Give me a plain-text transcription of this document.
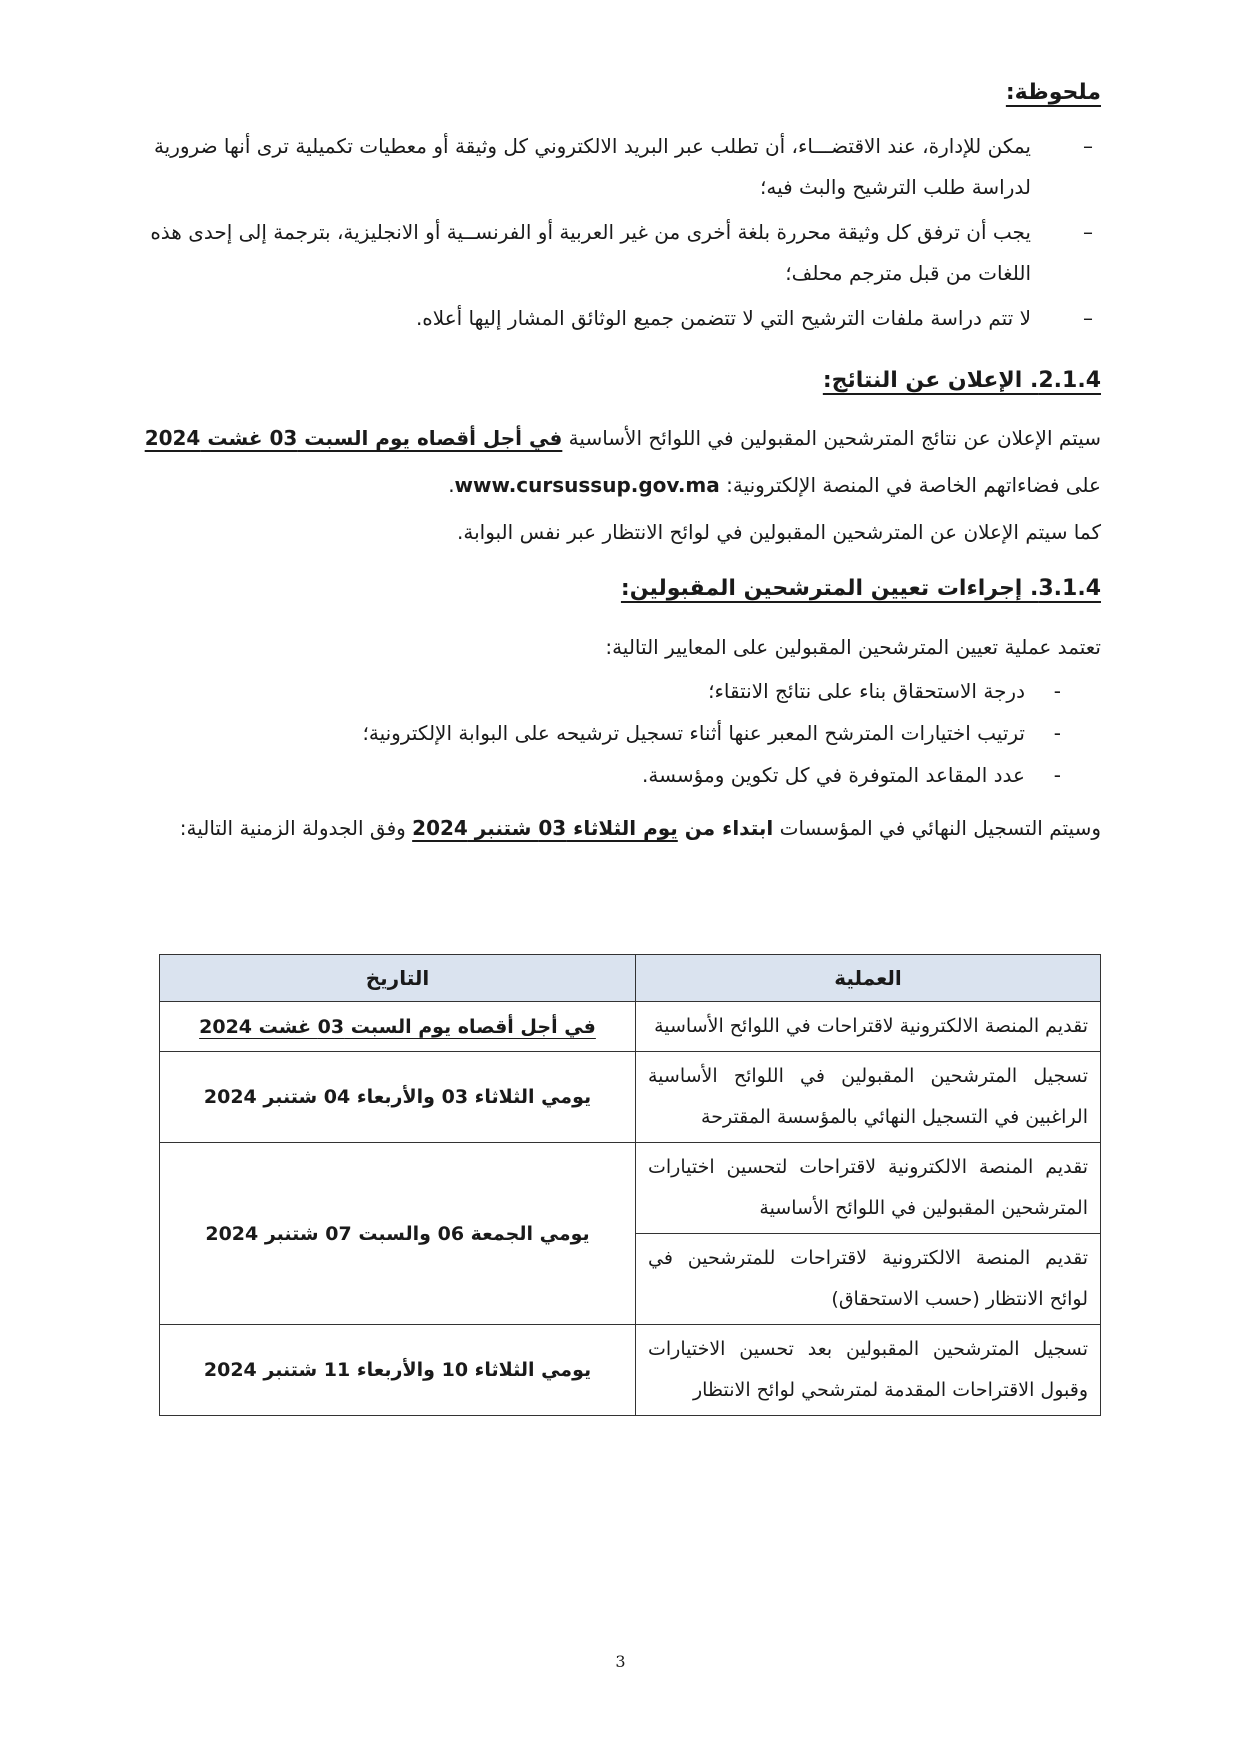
ملحوظة:
–
يمكن للإدارة، عند الاقتضـــاء، أن تطلب عبر البريد الالكتروني كل وثيقة أو معطيات تكميلية ترى أنها ضرورية لدراسة طلب الترشيح والبث فيه؛
–
يجب أن ترفق كل وثيقة محررة بلغة أخرى من غير العربية أو الفرنســية أو الانجليزية، بترجمة إلى إحدى هذه اللغات من قبل مترجم محلف؛
–
لا تتم دراسة ملفات الترشيح التي لا تتضمن جميع الوثائق المشار إليها أعلاه.
2.1.4. الإعلان عن النتائج:
سيتم الإعلان عن نتائج المترشحين المقبولين في اللوائح الأساسية في أجل أقصاه يوم السبت 03 غشت 2024
على فضاءاتهم الخاصة في المنصة الإلكترونية: www.cursussup.gov.ma.
كما سيتم الإعلان عن المترشحين المقبولين في لوائح الانتظار عبر نفس البوابة.
3.1.4. إجراءات تعيين المترشحين المقبولين:
تعتمد عملية تعيين المترشحين المقبولين على المعايير التالية:
-
درجة الاستحقاق بناء على نتائج الانتقاء؛
-
ترتيب اختيارات المترشح المعبر عنها أثناء تسجيل ترشيحه على البوابة الإلكترونية؛
-
عدد المقاعد المتوفرة في كل تكوين ومؤسسة.
وسيتم التسجيل النهائي في المؤسسات ابتداء من يوم الثلاثاء 03 شتنبر 2024 وفق الجدولة الزمنية التالية:
العملية	التاريخ
تقديم المنصة الالكترونية لاقتراحات في اللوائح الأساسية	في أجل أقصاه يوم السبت 03 غشت 2024
تسجيل المترشحين المقبولين في اللوائح الأساسية الراغبين في التسجيل النهائي بالمؤسسة المقترحة	يومي الثلاثاء 03 والأربعاء 04 شتنبر 2024
تقديم المنصة الالكترونية لاقتراحات لتحسين اختيارات المترشحين المقبولين في اللوائح الأساسية	يومي الجمعة 06 والسبت 07 شتنبر 2024
تقديم المنصة الالكترونية لاقتراحات للمترشحين في لوائح الانتظار (حسب الاستحقاق)	
تسجيل المترشحين المقبولين بعد تحسين الاختيارات وقبول الاقتراحات المقدمة لمترشحي لوائح الانتظار	يومي الثلاثاء 10 والأربعاء 11 شتنبر 2024
3
